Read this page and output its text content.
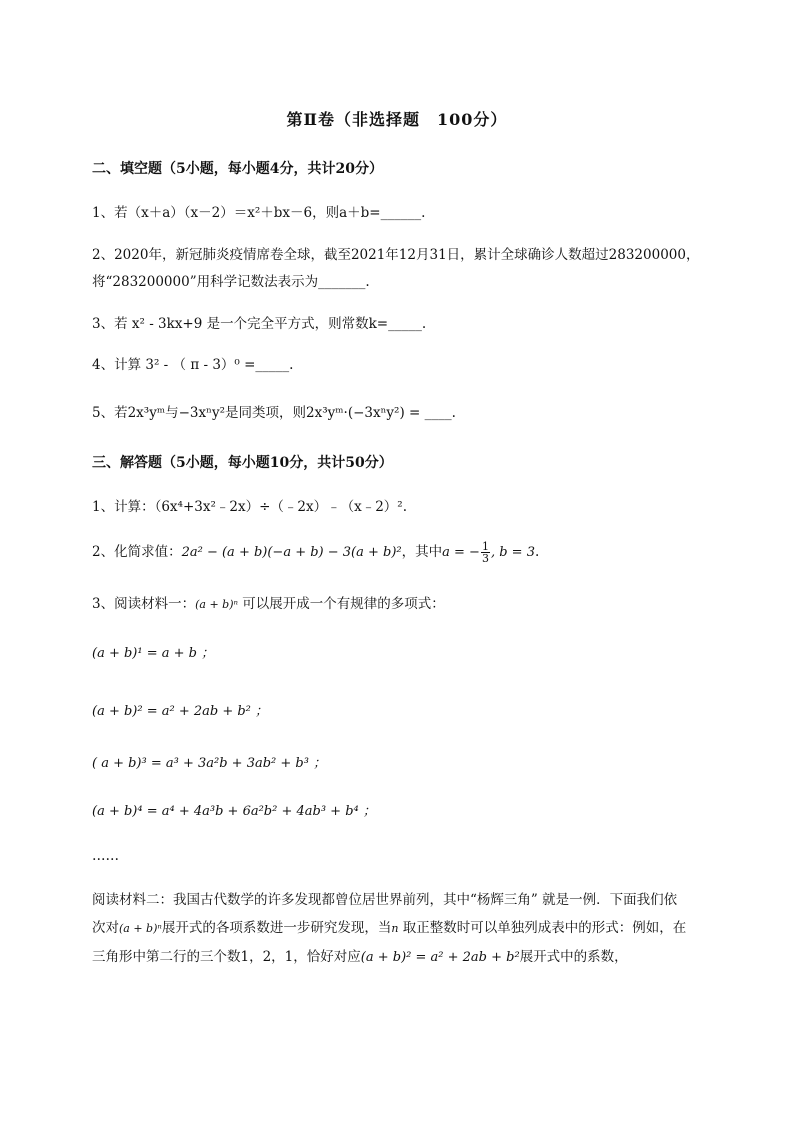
第Ⅱ卷（非选择题　100分）
二、填空题（5小题，每小题4分，共计20分）
1、若（x＋a）（x－2）＝x²＋bx－6，则a＋b=______.
2、2020年，新冠肺炎疫情席卷全球，截至2021年12月31日，累计全球确诊人数超过283200000，
将“283200000”用科学记数法表示为_______.
3、若 x² - 3kx+9 是一个完全平方式，则常数k=_____.
4、计算 3² - （ π - 3）⁰ =_____.
5、若2x³yᵐ与−3xⁿy²是同类项，则2x³yᵐ·(−3xⁿy²) = ____.
三、解答题（5小题，每小题10分，共计50分）
1、计算：（6x⁴+3x²﹣2x）÷（﹣2x）﹣（x﹣2）².
2、化简求值：2a² − (a + b)(−a + b) − 3(a + b)²，其中a = − $\frac{1}{3}$ , b = 3.
3、阅读材料一：(a + b)ⁿ 可以展开成一个有规律的多项式：
(a + b)¹ = a + b ；
(a + b)² = a² + 2ab + b² ；
( a + b)³ = a³ + 3a²b + 3ab² + b³ ；
(a + b)⁴ = a⁴ + 4a³b + 6a²b² + 4ab³ + b⁴ ；
……
阅读材料二：我国古代数学的许多发现都曾位居世界前列，其中“杨辉三角” 就是一例．下面我们依
次对(a + b)ⁿ展开式的各项系数进一步研究发现，当n 取正整数时可以单独列成表中的形式：例如，在
三角形中第二行的三个数1，2，1，恰好对应(a + b)² = a² + 2ab + b²展开式中的系数，
